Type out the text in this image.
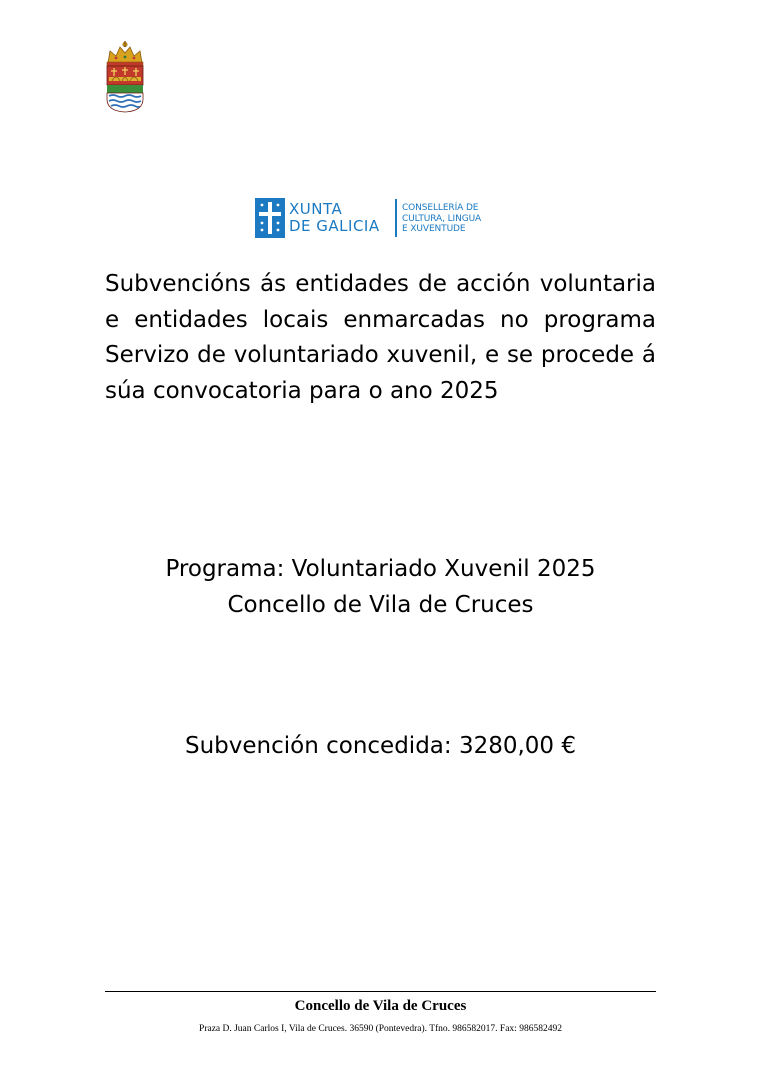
XUNTA
DE GALICIA
CONSELLERÍA DE
CULTURA, LINGUA
E XUVENTUDE

Subvencións ás entidades de acción voluntaria e entidades locais enmarcadas no programa Servizo de voluntariado xuvenil, e se procede á súa convocatoria para o ano 2025

Programa: Voluntariado Xuvenil 2025
Concello de Vila de Cruces
Subvención concedida: 3280,00 €
Concello de Vila de Cruces
Praza D. Juan Carlos I, Vila de Cruces. 36590 (Pontevedra). Tfno. 986582017. Fax: 986582492
